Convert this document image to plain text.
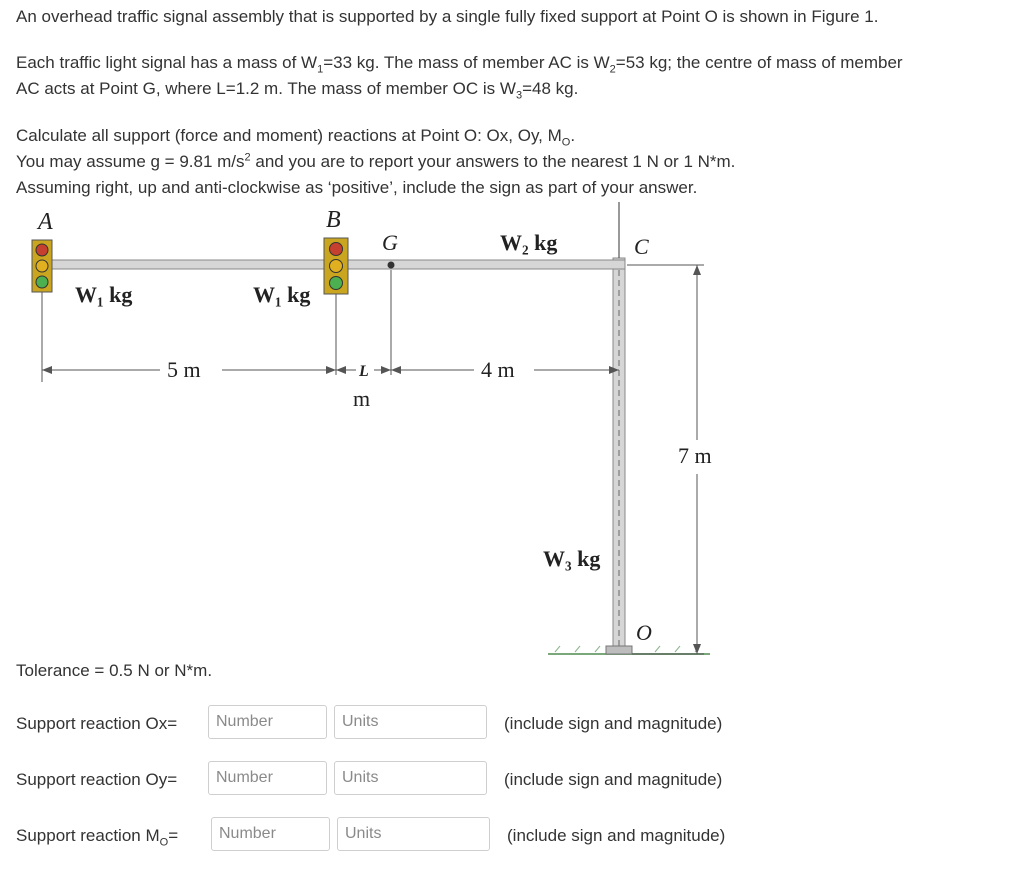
An overhead traffic signal assembly that is supported by a single fully fixed support at Point O is shown in Figure 1.

Each traffic light signal has a mass of $W_1=33$ kg. The mass of member AC is $W_2=53$ kg; the centre of mass of member
AC acts at Point G, where L=1.2 m. The mass of member OC is $W_3=48$ kg.

Calculate all support (force and moment) reactions at Point O: Ox, Oy, $M_O$.
You may assume g = 9.81 $m/s^2$ and you are to report your answers to the nearest 1 N or 1 N*m.
Assuming right, up and anti-clockwise as ‘positive’, include the sign as part of your answer.

A	B
G	C
O
W₁ kg	W₁ kg
W₂ kg
W₃ kg
5 m	L
m
4 m
7 m
Tolerance = 0.5 N or N*m.
Support reaction Ox=
Number
Units	(include sign and magnitude)
Support reaction Oy=
Number
Units	(include sign and magnitude)
Support reaction $M_O=$
Number
Units	(include sign and magnitude)
